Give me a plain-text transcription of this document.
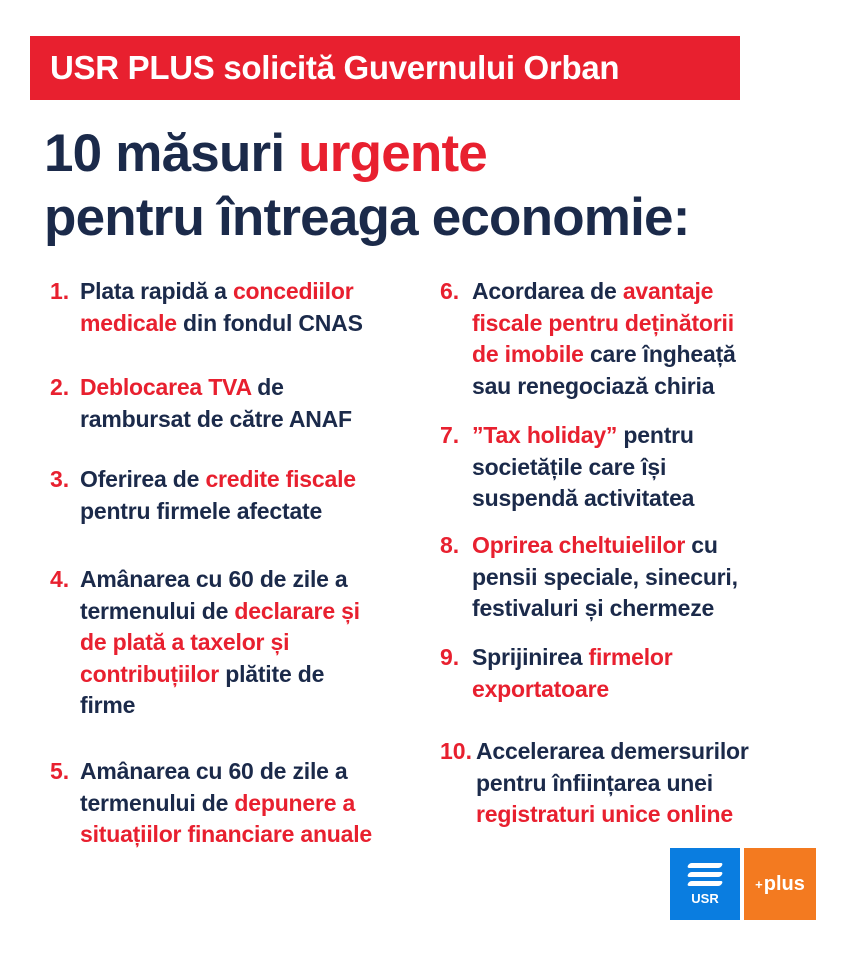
USR PLUS solicită Guvernului Orban
10 măsuri urgente
pentru întreaga economie:
1. Plata rapidă a concediilor
medicale din fondul CNAS
2. Deblocarea TVA de
rambursat de către ANAF
3. Oferirea de credite fiscale
pentru firmele afectate
4. Amânarea cu 60 de zile a
termenului de declarare și
de plată a taxelor și
contribuțiilor plătite de
firme
5. Amânarea cu 60 de zile a
termenului de depunere a
situațiilor financiare anuale
6. Acordarea de avantaje
fiscale pentru deținătorii
de imobile care îngheață
sau renegociază chiria
7. ”Tax holiday” pentru
societățile care își
suspendă activitatea
8. Oprirea cheltuielilor cu
pensii speciale, sinecuri,
festivaluri și chermeze
9. Sprijinirea firmelor
exportatoare
10. Accelerarea demersurilor
pentru înființarea unei
registraturi unice online
USR
+ plus
